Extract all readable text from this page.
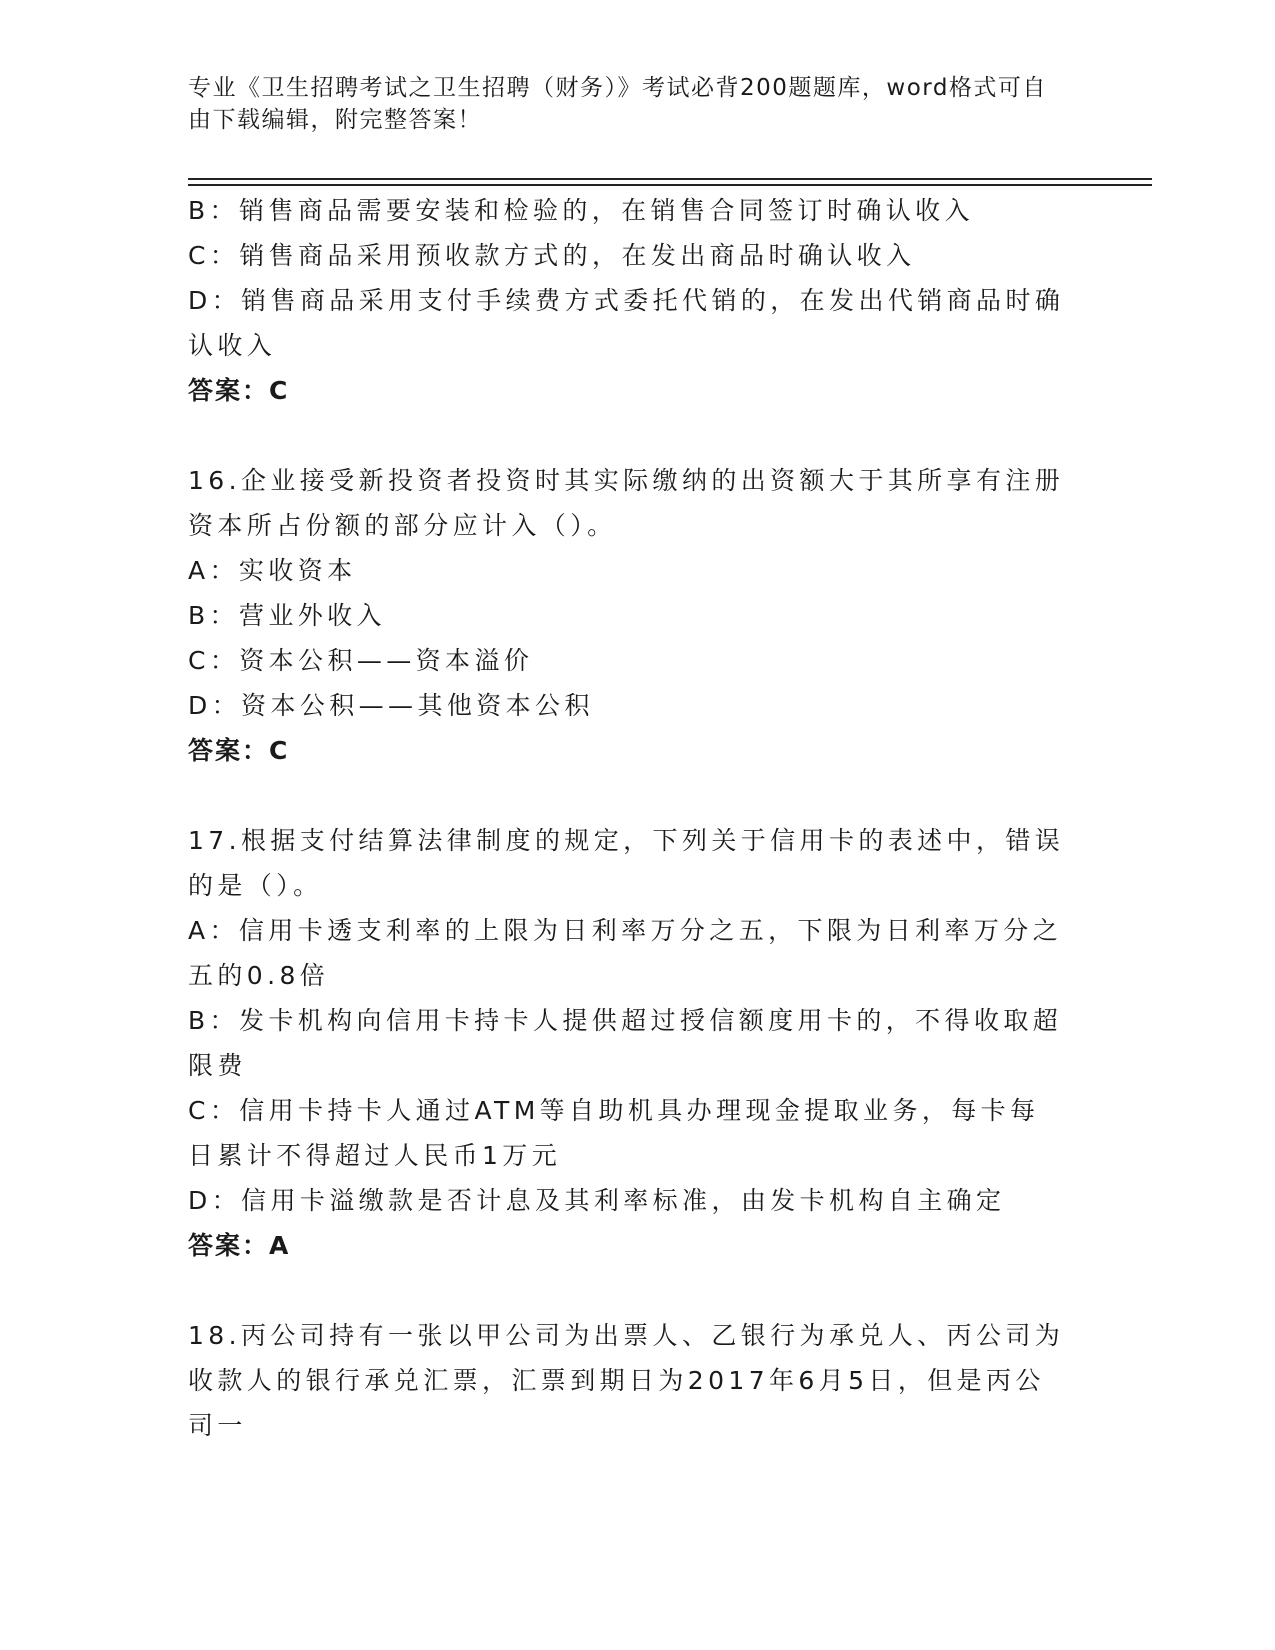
专业《卫生招聘考试之卫生招聘（财务）》考试必背200题题库，word格式可自由下载编辑，附完整答案！
B：销售商品需要安装和检验的，在销售合同签订时确认收入
C：销售商品采用预收款方式的，在发出商品时确认收入
D：销售商品采用支付手续费方式委托代销的，在发出代销商品时确认收入
答案：C
16.企业接受新投资者投资时其实际缴纳的出资额大于其所享有注册资本所占份额的部分应计入（）。
A：实收资本
B：营业外收入
C：资本公积——资本溢价
D：资本公积——其他资本公积
答案：C
17.根据支付结算法律制度的规定，下列关于信用卡的表述中，错误的是（）。
A：信用卡透支利率的上限为日利率万分之五，下限为日利率万分之五的0.8倍
B：发卡机构向信用卡持卡人提供超过授信额度用卡的，不得收取超限费
C：信用卡持卡人通过ATM等自助机具办理现金提取业务，每卡每日累计不得超过人民币1万元
D：信用卡溢缴款是否计息及其利率标准，由发卡机构自主确定
答案：A
18.丙公司持有一张以甲公司为出票人、乙银行为承兑人、丙公司为收款人的银行承兑汇票，汇票到期日为2017年6月5日，但是丙公司一
